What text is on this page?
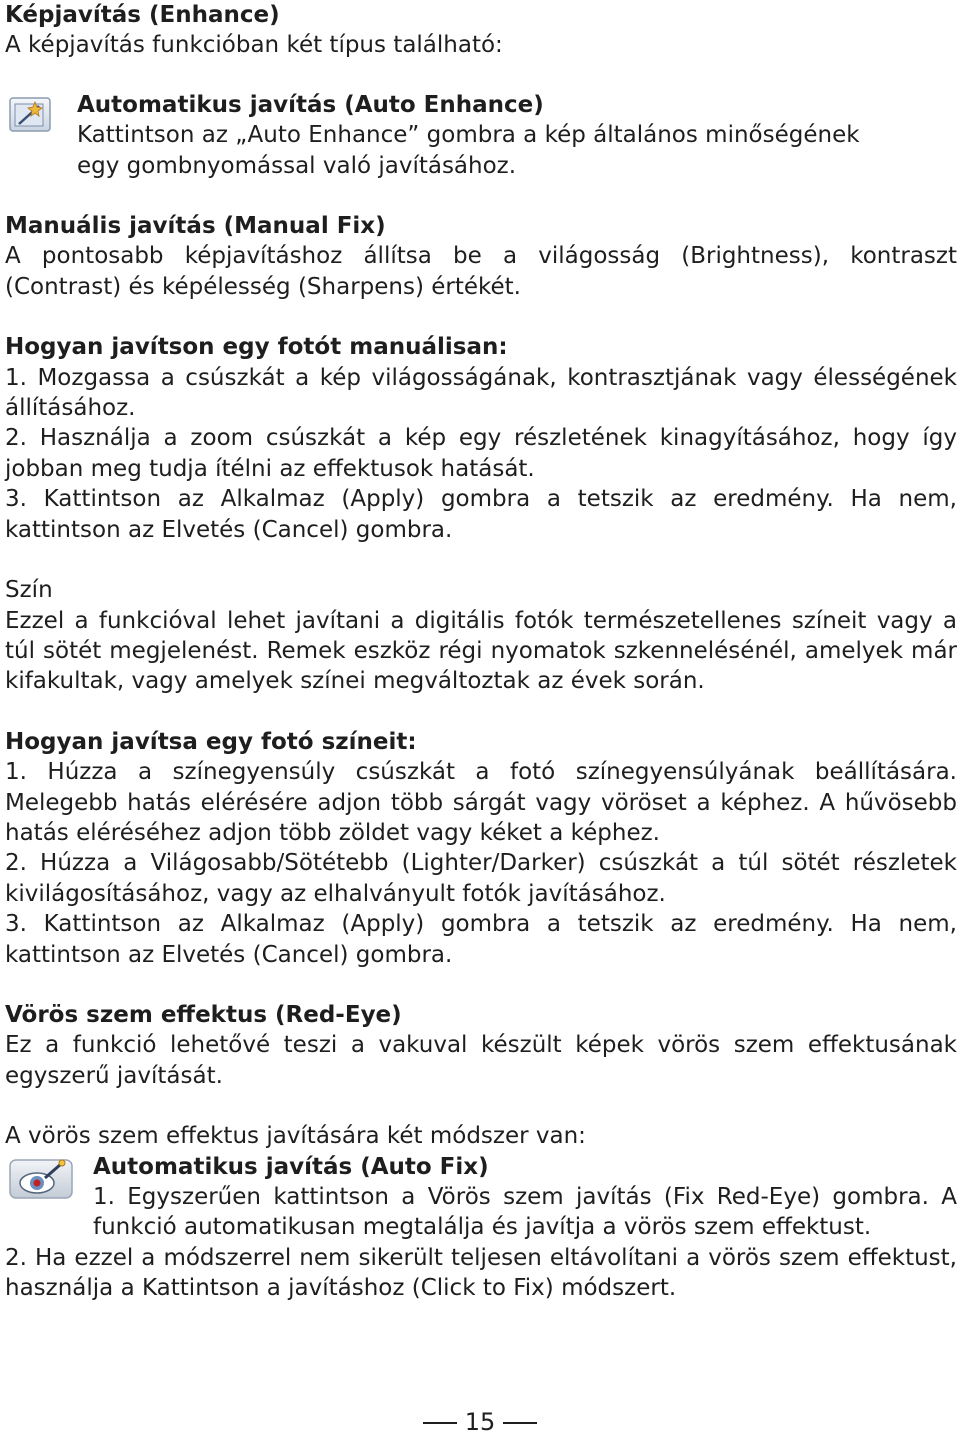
Képjavítás (Enhance)

A képjavítás funkcióban két típus található:

Automatikus javítás (Auto Enhance)

Kattintson az „Auto Enhance” gombra a kép általános minőségének

egy gombnyomással való javításához.

Manuális javítás (Manual Fix)

A pontosabb képjavításhoz állítsa be a világosság (Brightness), kontraszt (Contrast) és képélesség (Sharpens) értékét.

Hogyan javítson egy fotót manuálisan:

1. Mozgassa a csúszkát a kép világosságának, kontrasztjának vagy élességének állításához.

2. Használja a zoom csúszkát a kép egy részletének kinagyításához, hogy így jobban meg tudja ítélni az effektusok hatását.

3. Kattintson az Alkalmaz (Apply) gombra a tetszik az eredmény. Ha nem, kattintson az Elvetés (Cancel) gombra.

Szín

Ezzel a funkcióval lehet javítani a digitális fotók természetellenes színeit vagy a túl sötét megjelenést. Remek eszköz régi nyomatok szkennelésénél, amelyek már kifakultak, vagy amelyek színei megváltoztak az évek során.

Hogyan javítsa egy fotó színeit:

1. Húzza a színegyensúly csúszkát a fotó színegyensúlyának beállítására. Melegebb hatás elérésére adjon több sárgát vagy vöröset a képhez. A hűvösebb hatás eléréséhez adjon több zöldet vagy kéket a képhez.

2. Húzza a Világosabb/Sötétebb (Lighter/Darker) csúszkát a túl sötét részletek kivilágosításához, vagy az elhalványult fotók javításához.

3. Kattintson az Alkalmaz (Apply) gombra a tetszik az eredmény. Ha nem, kattintson az Elvetés (Cancel) gombra.

Vörös szem effektus (Red-Eye)

Ez a funkció lehetővé teszi a vakuval készült képek vörös szem effektusának egyszerű javítását.

A vörös szem effektus javítására két módszer van:

Automatikus javítás (Auto Fix)

1. Egyszerűen kattintson a Vörös szem javítás (Fix Red-Eye) gombra. A funkció automatikusan megtalálja és javítja a vörös szem effektust.

2. Ha ezzel a módszerrel nem sikerült teljesen eltávolítani a vörös szem effektust, használja a Kattintson a javításhoz (Click to Fix) módszert.

15
